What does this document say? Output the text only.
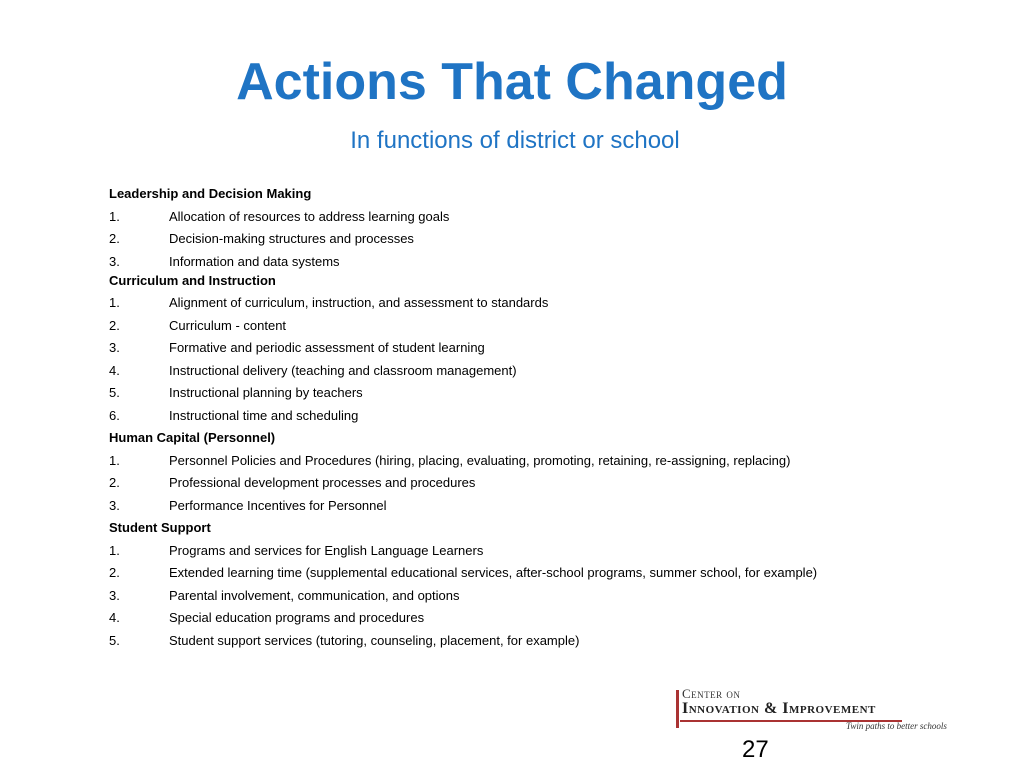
Actions That Changed
In functions of district or school
Leadership and Decision Making
1.	Allocation of resources to address learning goals
2.	Decision-making structures and processes
3.	Information and data systems
Curriculum and Instruction
1.	Alignment of curriculum, instruction, and assessment to standards
2.	Curriculum - content
3.	Formative and periodic assessment of student learning
4.	Instructional delivery (teaching and classroom management)
5.	Instructional planning by teachers
6.	Instructional time and scheduling
Human Capital (Personnel)
1.	Personnel Policies and Procedures (hiring, placing, evaluating, promoting, retaining, re-assigning, replacing)
2.	Professional development processes and procedures
3.	Performance Incentives for Personnel
Student Support
1.	Programs and services for English Language Learners
2.	Extended learning time (supplemental educational services, after-school programs, summer school, for example)
3.	Parental involvement, communication, and options
4.	Special education programs and procedures
5.	Student support services (tutoring, counseling, placement, for example)
Center on
Innovation & Improvement
Twin paths to better schools
27
